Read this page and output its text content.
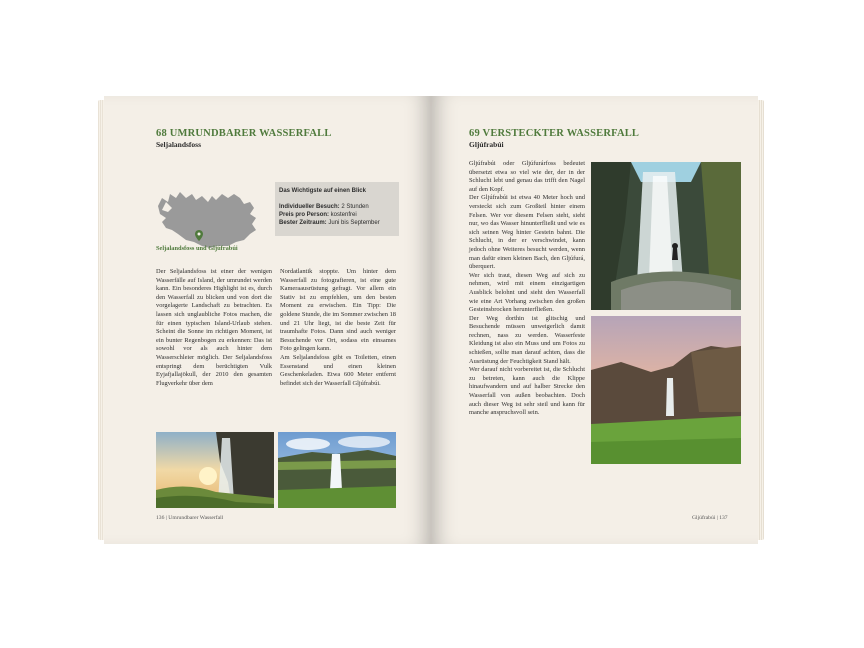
68 UMRUNDBARER WASSERFALL
Seljalandsfoss
Seljalandsfoss und Gljúfrabúi
Das Wichtigste auf einen Blick
Individueller Besuch: 2 Stunden
Preis pro Person: kostenfrei
Bester Zeitraum: Juni bis September

Der Seljalandsfoss ist einer der wenigen Wasserfälle auf Island, der umrundet werden kann. Ein besonderes Highlight ist es, durch den Wasserfall zu blicken und von dort die vorgelagerte Landschaft zu betrachten. Es lassen sich unglaubliche Fotos machen, die für einen typischen Island-Urlaub stehen. Scheint die Sonne im richtigen Moment, ist ein bunter Regenbogen zu erkennen: Das ist sowohl vor als auch hinter dem Wasserschleier möglich. Der Seljalandsfoss entspringt dem berüchtigten Vulk Eyjafjallajökull, der 2010 den gesamten Flugverkehr über dem

Nordatlantik stoppte. Um hinter dem Wasserfall zu fotografieren, ist eine gute Kameraausrüstung gefragt. Vor allem ein Stativ ist zu empfehlen, um den besten Moment zu erwischen. Ein Tipp: Die goldene Stunde, die im Sommer zwischen 18 und 21 Uhr liegt, ist die beste Zeit für traumhafte Fotos. Dann sind auch weniger Besuchende vor Ort, sodass ein einsames Foto gelingen kann.

Am Seljalandsfoss gibt es Toiletten, einen Essenstand und einen kleinen Geschenkeladen. Etwa 600 Meter entfernt befindet sich der Wasserfall Gljúfrabúi.

136 | Umrundbarer Wasserfall
69 VERSTECKTER WASSERFALL
Gljúfrabúi

Gljúfrabúi oder Gljúfurárfoss bedeutet übersetzt etwa so viel wie der, der in der Schlucht lebt und genau das trifft den Nagel auf den Kopf.

Der Gljúfrabúi ist etwa 40 Meter hoch und versteckt sich zum Großteil hinter einem Felsen. Wer vor diesem Felsen steht, sieht nur, wo das Wasser hinunterfließt und wie es sich seinen Weg hinter Gestein bahnt. Die Schlucht, in der er verschwindet, kann jedoch ohne Weiteres besucht werden, wenn man dafür einen kleinen Bach, den Gljúfurá, überquert.

Wer sich traut, diesen Weg auf sich zu nehmen, wird mit einem einzigartigen Ausblick belohnt und sieht den Wasserfall wie eine Art Vorhang zwischen den großen Gesteinsbrocken herunterfließen.

Der Weg dorthin ist glitschig und Besuchende müssen unweigerlich damit rechnen, nass zu werden. Wasserfeste Kleidung ist also ein Muss und um Fotos zu schießen, sollte man darauf achten, dass die Ausrüstung der Feuchtigkeit Stand hält.

Wer darauf nicht vorbereitet ist, die Schlucht zu betreten, kann auch die Klippe hinaufwandern und auf halber Strecke den Wasserfall von außen beobachten. Doch auch dieser Weg ist sehr steil und kann für manche anspruchsvoll sein.

Gljúfrabúi | 137
